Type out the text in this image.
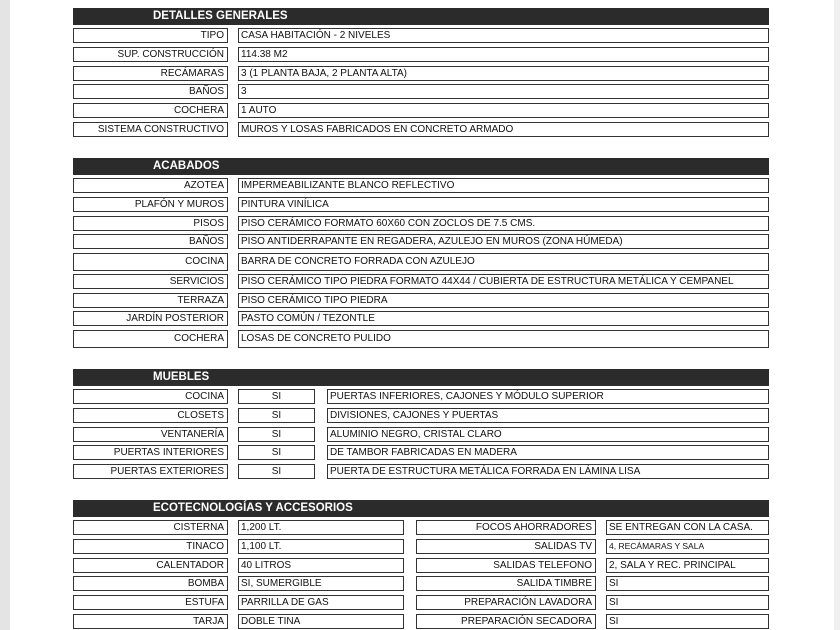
DETALLES GENERALES
TIPO	CASA HABITACIÓN - 2 NIVELES
SUP. CONSTRUCCIÓN	114.38 M2
RECÁMARAS	3 (1 PLANTA BAJA, 2 PLANTA ALTA)
BAÑOS	3
COCHERA	1 AUTO
SISTEMA CONSTRUCTIVO	MUROS Y LOSAS FABRICADOS EN CONCRETO ARMADO
ACABADOS
AZOTEA	IMPERMEABILIZANTE BLANCO REFLECTIVO
PLAFÓN Y MUROS	PINTURA VINÍLICA
PISOS	PISO CERÁMICO FORMATO 60X60 CON ZOCLOS DE 7.5 CMS.
BAÑOS	PISO ANTIDERRAPANTE EN REGADERA, AZULEJO EN MUROS (ZONA HÚMEDA)
COCINA	BARRA DE CONCRETO FORRADA CON AZULEJO
SERVICIOS	PISO CERÁMICO TIPO PIEDRA FORMATO 44X44 / CUBIERTA DE ESTRUCTURA METÁLICA Y CEMPANEL
TERRAZA	PISO CERÁMICO TIPO PIEDRA
JARDÍN POSTERIOR	PASTO COMÚN / TEZONTLE
COCHERA	LOSAS DE CONCRETO PULIDO
MUEBLES
COCINA	SI	PUERTAS INFERIORES, CAJONES Y MÓDULO SUPERIOR
CLOSETS	SI	DIVISIONES, CAJONES Y PUERTAS
VENTANERÍA	SI	ALUMINIO NEGRO, CRISTAL CLARO
PUERTAS INTERIORES	SI	DE TAMBOR FABRICADAS EN MADERA
PUERTAS EXTERIORES	SI	PUERTA DE ESTRUCTURA METÁLICA FORRADA EN LÁMINA LISA
ECOTECNOLOGÍAS Y ACCESORIOS
CISTERNA	1,200 LT.	FOCOS AHORRADORES	SE ENTREGAN CON LA CASA.
TINACO	1,100 LT.	SALIDAS TV	4, RECÁMARAS Y SALA
CALENTADOR	40 LITROS	SALIDAS TELEFONO	2, SALA Y REC. PRINCIPAL
BOMBA	SI, SUMERGIBLE	SALIDA TIMBRE	SI
ESTUFA	PARRILLA DE GAS	PREPARACIÓN LAVADORA	SI
TARJA	DOBLE TINA	PREPARACIÓN SECADORA	SI
